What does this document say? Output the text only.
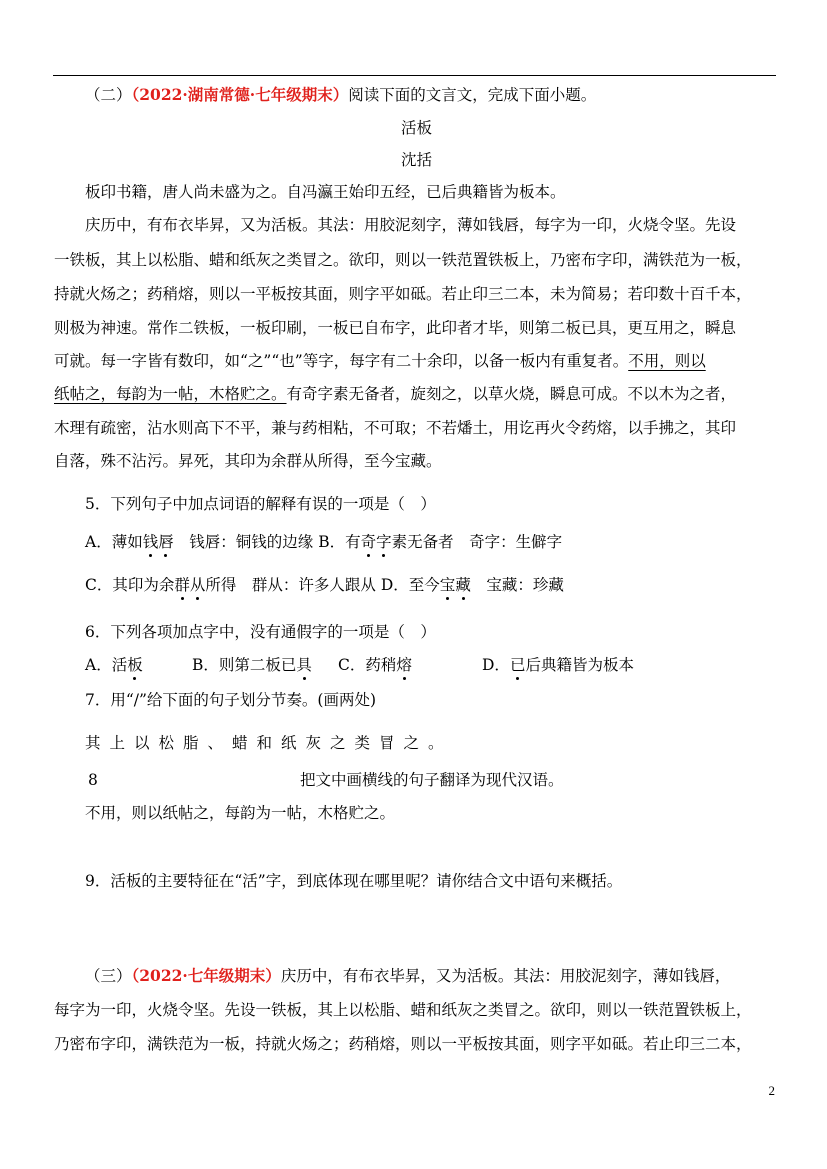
（二）（2022·湖南常德·七年级期末）阅读下面的文言文，完成下面小题。
活板
沈括
板印书籍，唐人尚未盛为之。自冯瀛王始印五经，已后典籍皆为板本。
庆历中，有布衣毕昇，又为活板。其法：用胶泥刻字，薄如钱唇，每字为一印，火烧令坚。先设
一铁板，其上以松脂、蜡和纸灰之类冒之。欲印，则以一铁范置铁板上，乃密布字印，满铁范为一板，
持就火炀之；药稍熔，则以一平板按其面，则字平如砥。若止印三二本，未为简易；若印数十百千本，
则极为神速。常作二铁板，一板印刷，一板已自布字，此印者才毕，则第二板已具，更互用之，瞬息
可就。每一字皆有数印，如“之”“也”等字，每字有二十余印，以备一板内有重复者。不用，则以
纸帖之，每韵为一帖，木格贮之。有奇字素无备者，旋刻之，以草火烧，瞬息可成。不以木为之者，
木理有疏密，沾水则高下不平，兼与药相粘，不可取；不若燔土，用讫再火令药熔，以手拂之，其印
自落，殊不沾污。昇死，其印为余群从所得，至今宝藏。
5．下列句子中加点词语的解释有误的一项是（　）
A．薄如钱唇　钱唇：铜钱的边缘 B．有奇字素无备者　奇字：生僻字
C．其印为余群从所得　群从：许多人跟从 D．至今宝藏　宝藏：珍藏
6．下列各项加点字中，没有通假字的一项是（　）
A．活板	B．则第二板已具 C．药稍熔	D．已后典籍皆为板本
7．用“/”给下面的句子划分节奏。(画两处)
其上以松脂、蜡和纸灰之类冒之。
8	把文中画横线的句子翻译为现代汉语。
不用，则以纸帖之，每韵为一帖，木格贮之。
9．活板的主要特征在“活”字，到底体现在哪里呢？请你结合文中语句来概括。
（三）（2022·七年级期末）庆历中，有布衣毕昇，又为活板。其法：用胶泥刻字，薄如钱唇，
每字为一印，火烧令坚。先设一铁板，其上以松脂、蜡和纸灰之类冒之。欲印，则以一铁范置铁板上，
乃密布字印，满铁范为一板，持就火炀之；药稍熔，则以一平板按其面，则字平如砥。若止印三二本，
2
